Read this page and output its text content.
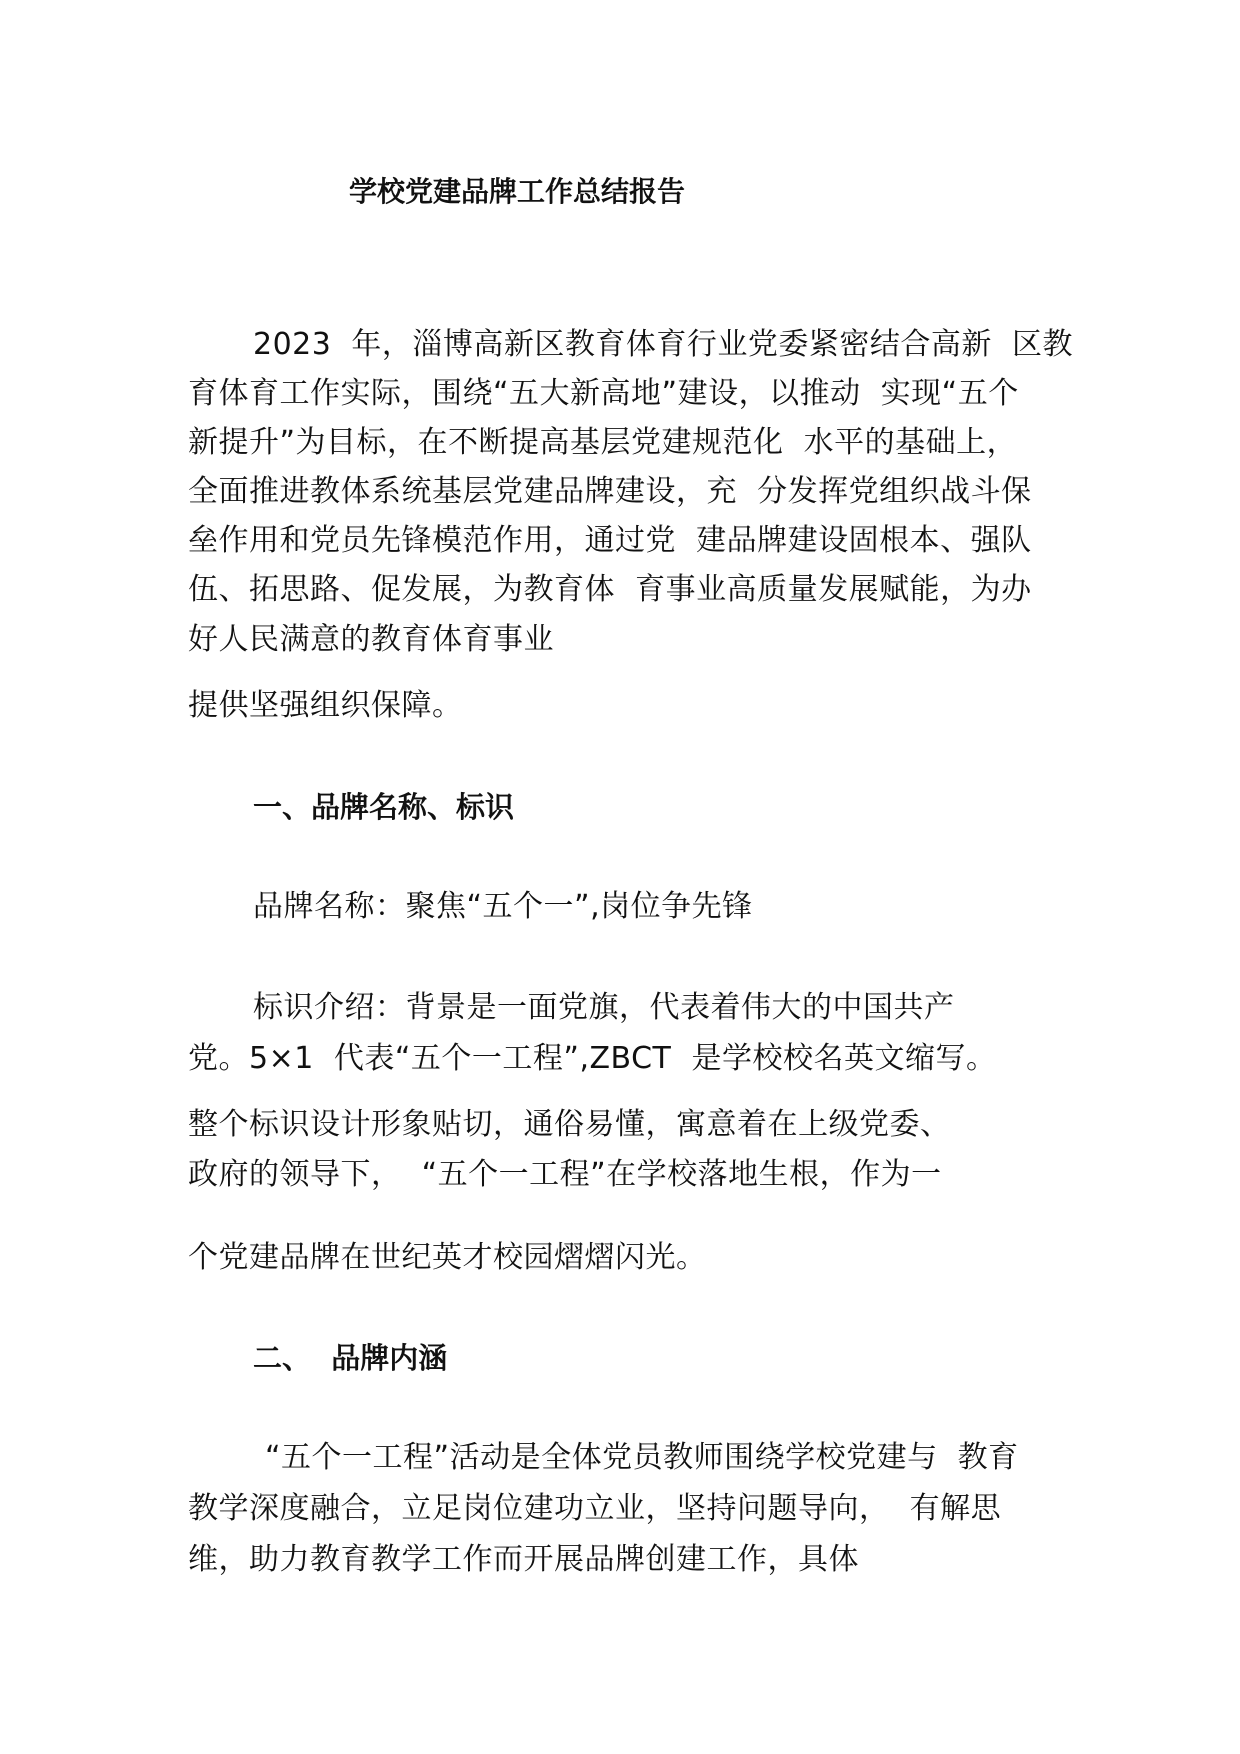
学校党建品牌工作总结报告
2023  年，淄博高新区教育体育行业党委紧密结合高新  区教
育体育工作实际，围绕“五大新高地”建设，以推动  实现“五个
新提升”为目标，在不断提高基层党建规范化  水平的基础上，
全面推进教体系统基层党建品牌建设，充  分发挥党组织战斗保
垒作用和党员先锋模范作用，通过党  建品牌建设固根本、强队
伍、拓思路、促发展，为教育体  育事业高质量发展赋能，为办
好人民满意的教育体育事业
提供坚强组织保障。
一、品牌名称、标识
品牌名称：聚焦“五个一”,岗位争先锋
标识介绍：背景是一面党旗，代表着伟大的中国共产
党。5×1  代表“五个一工程”,ZBCT  是学校校名英文缩写。
整个标识设计形象贴切，通俗易懂，寓意着在上级党委、
政府的领导下，  “五个一工程”在学校落地生根，作为一
个党建品牌在世纪英才校园熠熠闪光。
二、  品牌内涵
“五个一工程”活动是全体党员教师围绕学校党建与  教育
教学深度融合，立足岗位建功立业，坚持问题导向，  有解思
维，助力教育教学工作而开展品牌创建工作，具体
